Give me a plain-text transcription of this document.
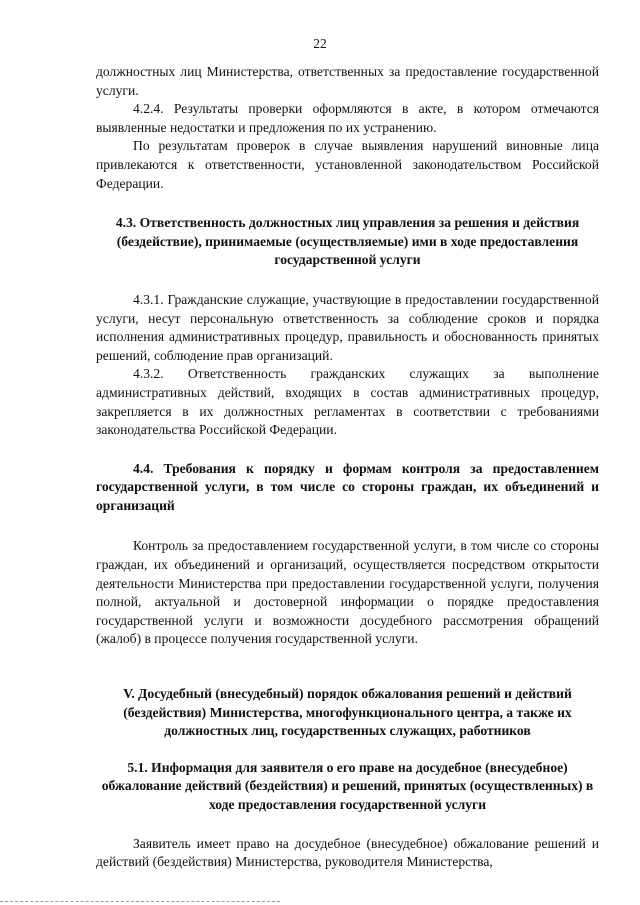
22

должностных лиц Министерства, ответственных за предоставление государственной услуги.

4.2.4. Результаты проверки оформляются в акте, в котором отмечаются выявленные недостатки и предложения по их устранению.

По результатам проверок в случае выявления нарушений виновные лица привлекаются к ответственности, установленной законодательством Российской Федерации.

4.3. Ответственность должностных лиц управления за решения и действия (бездействие), принимаемые (осуществляемые) ими в ходе предоставления государственной услуги

4.3.1. Гражданские служащие, участвующие в предоставлении государственной услуги, несут персональную ответственность за соблюдение сроков и порядка исполнения административных процедур, правильность и обоснованность принятых решений, соблюдение прав организаций.

4.3.2. Ответственность гражданских служащих за выполнение административных действий, входящих в состав административных процедур, закрепляется в их должностных регламентах в соответствии с требованиями законодательства Российской Федерации.

4.4. Требования к порядку и формам контроля за предоставлением государственной услуги, в том числе со стороны граждан, их объединений и организаций

Контроль за предоставлением государственной услуги, в том числе со стороны граждан, их объединений и организаций, осуществляется посредством открытости деятельности Министерства при предоставлении государственной услуги, получения полной, актуальной и достоверной информации о порядке предоставления государственной услуги и возможности досудебного рассмотрения обращений (жалоб) в процессе получения государственной услуги.

V. Досудебный (внесудебный) порядок обжалования решений и действий (бездействия) Министерства, многофункционального центра, а также их должностных лиц, государственных служащих, работников
5.1. Информация для заявителя о его праве на досудебное (внесудебное) обжалование действий (бездействия) и решений, принятых (осуществленных) в ходе предоставления государственной услуги

Заявитель имеет право на досудебное (внесудебное) обжалование решений и действий (бездействия) Министерства, руководителя Министерства,
